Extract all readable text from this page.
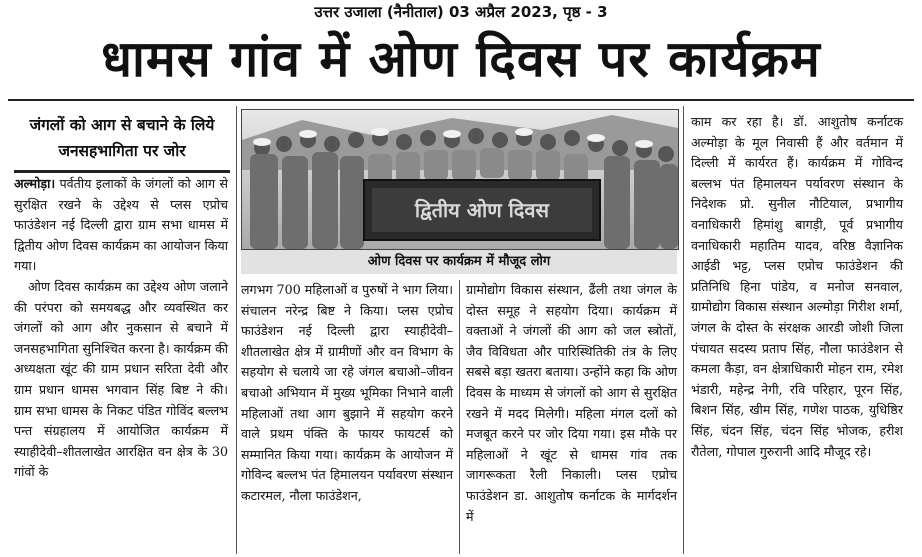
उत्तर उजाला (नैनीताल) 03 अप्रैल 2023, पृष्ठ - 3
धामस गांव में ओण दिवस पर कार्यक्रम
जंगलों को आग से बचाने के लिये जनसहभागिता पर जोर

अल्मोड़ा। पर्वतीय इलाकों के जंगलों को आग से सुरक्षित रखने के उद्देश्य से प्लस एप्रोच फाउंडेशन नई दिल्ली द्वारा ग्राम सभा धामस में द्वितीय ओण दिवस कार्यक्रम का आयोजन किया गया।

ओण दिवस कार्यक्रम का उद्देश्य ओण जलाने की परंपरा को समयबद्ध और व्यवस्थित कर जंगलों को आग और नुकसान से बचाने में जनसहभागिता सुनिश्चित करना है। कार्यक्रम की अध्यक्षता खूंट की ग्राम प्रधान सरिता देवी और ग्राम प्रधान धामस भगवान सिंह बिष्ट ने की। ग्राम सभा धामस के निकट पंडित गोविंद बल्लभ पन्त संग्रहालय में आयोजित कार्यक्रम में स्याहीदेवी–शीतलाखेत आरक्षित वन क्षेत्र के 30 गांवों के

द्वितीय ओण दिवस
ओण दिवस पर कार्यक्रम में मौजूद लोग

लगभग 700 महिलाओं व पुरुषों ने भाग लिया। संचालन नरेन्द्र बिष्ट ने किया। प्लस एप्रोच फाउंडेशन नई दिल्ली द्वारा स्याहीदेवी–शीतलाखेत क्षेत्र में ग्रामीणों और वन विभाग के सहयोग से चलाये जा रहे जंगल बचाओ–जीवन बचाओ अभियान में मुख्य भूमिका निभाने वाली महिलाओं तथा आग बुझाने में सहयोग करने वाले प्रथम पंक्ति के फायर फायटर्स को सम्मानित किया गया। कार्यक्रम के आयोजन में गोविन्द बल्लभ पंत हिमालयन पर्यावरण संस्थान कटारमल, नौला फाउंडेशन,

ग्रामोद्योग विकास संस्थान, ढैंली तथा जंगल के दोस्त समूह ने सहयोग दिया। कार्यक्रम में वक्ताओं ने जंगलों की आग को जल स्त्रोतों, जैव विविधता और पारिस्थितिकी तंत्र के लिए सबसे बड़ा खतरा बताया। उन्होंने कहा कि ओण दिवस के माध्यम से जंगलों को आग से सुरक्षित रखने में मदद मिलेगी। महिला मंगल दलों को मजबूत करने पर जोर दिया गया। इस मौके पर महिलाओं ने खूंट से धामस गांव तक जागरूकता रैली निकाली। प्लस एप्रोच फाउंडेशन डा. आशुतोष कर्नाटक के मार्गदर्शन में

काम कर रहा है। डॉ. आशुतोष कर्नाटक अल्मोड़ा के मूल निवासी हैं और वर्तमान में दिल्ली में कार्यरत हैं। कार्यक्रम में गोविन्द बल्लभ पंत हिमालयन पर्यावरण संस्थान के निदेशक प्रो. सुनील नौटियाल, प्रभागीय वनाधिकारी हिमांशु बागड़ी, पूर्व प्रभागीय वनाधिकारी महातिम यादव, वरिष्ठ वैज्ञानिक आईडी भट्ट, प्लस एप्रोच फाउंडेशन की प्रतिनिधि हिना पांडेय, व मनोज सनवाल, ग्रामोद्योग विकास संस्थान अल्मोड़ा गिरीश शर्मा, जंगल के दोस्त के संरक्षक आरडी जोशी जिला पंचायत सदस्य प्रताप सिंह, नौला फाउंडेशन से कमला कैड़ा, वन क्षेत्राधिकारी मोहन राम, रमेश भंडारी, महेन्द्र नेगी, रवि परिहार, पूरन सिंह, बिशन सिंह, खीम सिंह, गणेश पाठक, युधिष्ठिर सिंह, चंदन सिंह, चंदन सिंह भोजक, हरीश रौतेला, गोपाल गुरुरानी आदि मौजूद रहे।
